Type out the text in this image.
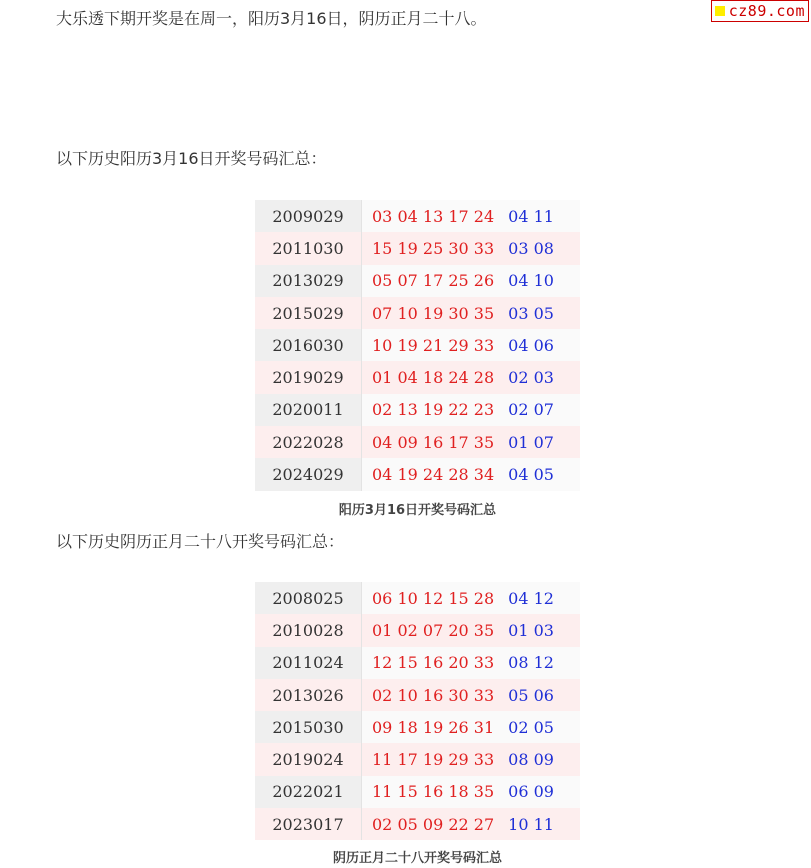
cz89.com

大乐透下期开奖是在周一，阳历3月16日，阴历正月二十八。

以下历史阳历3月16日开奖号码汇总：

2009029	03 04 13 17 24 04 11
2011030	15 19 25 30 33 03 08
2013029	05 07 17 25 26 04 10
2015029	07 10 19 30 35 03 05
2016030	10 19 21 29 33 04 06
2019029	01 04 18 24 28 02 03
2020011	02 13 19 22 23 02 07
2022028	04 09 16 17 35 01 07
2024029	04 19 24 28 34 04 05

阳历3月16日开奖号码汇总

以下历史阴历正月二十八开奖号码汇总：

2008025	06 10 12 15 28 04 12
2010028	01 02 07 20 35 01 03
2011024	12 15 16 20 33 08 12
2013026	02 10 16 30 33 05 06
2015030	09 18 19 26 31 02 05
2019024	11 17 19 29 33 08 09
2022021	11 15 16 18 35 06 09
2023017	02 05 09 22 27 10 11

阴历正月二十八开奖号码汇总
